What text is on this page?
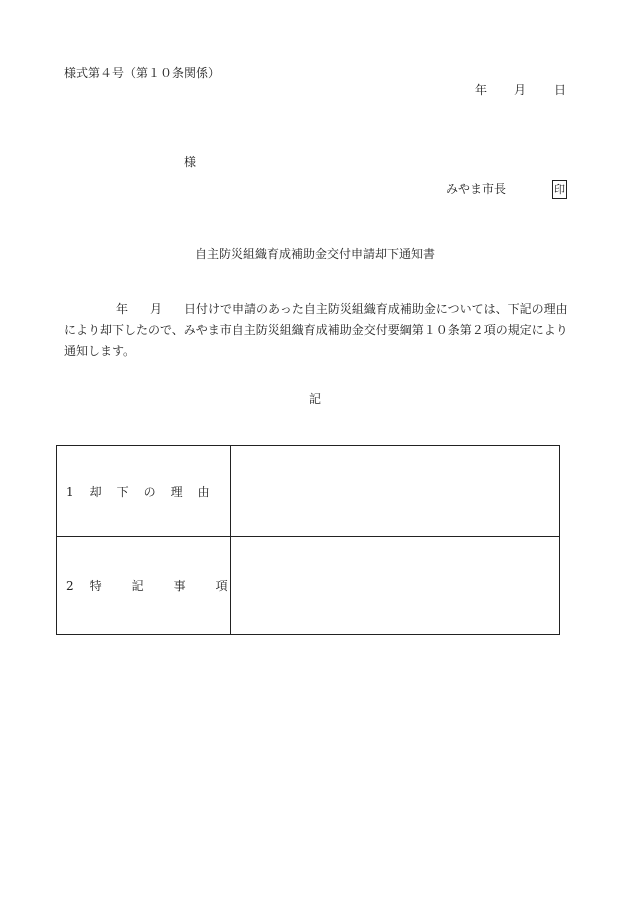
様式第４号（第１０条関係）
年 月 日
様
みやま市長	印
自主防災組織育成補助金交付申請却下通知書
年 月 日付けで申請のあった自主防災組織育成補助金については、下記の理由により却下したので、みやま市自主防災組織育成補助金交付要綱第１０条第２項の規定により通知します。
記
1 却下の理由
2 特記事項
